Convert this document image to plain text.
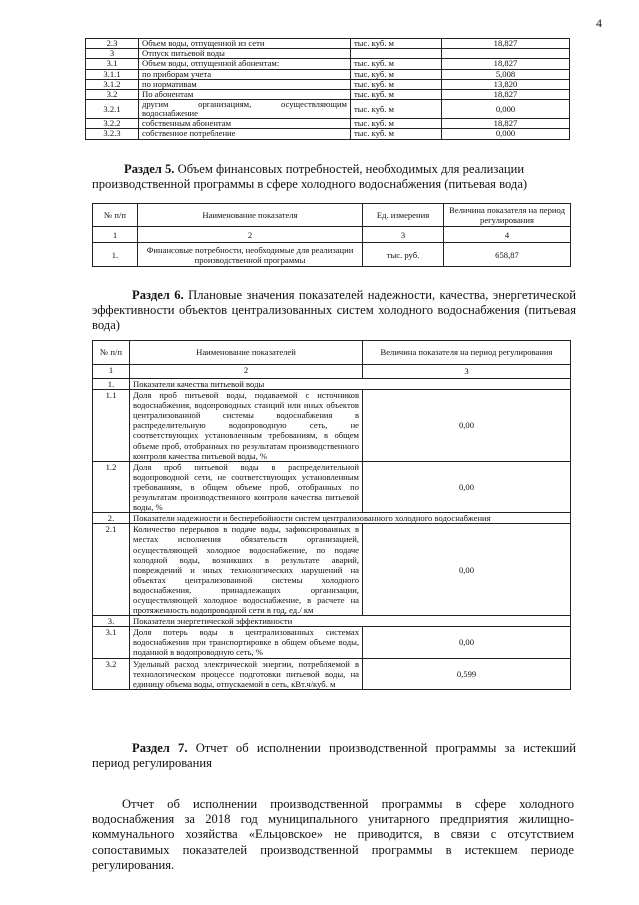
4
2.3	Объем воды, отпущенной из сети	тыс. куб. м	18,827
3	Отпуск питьевой воды		
3.1	Объем воды, отпущенной абонентам:	тыс. куб. м	18,827
3.1.1	по приборам учета	тыс. куб. м	5,008
3.1.2	по нормативам	тыс. куб. м	13,820
3.2	По абонентам	тыс. куб. м	18,827
3.2.1	другим организациям, осуществляющим водоснабжение	тыс. куб. м	0,000
3.2.2	собственным абонентам	тыс. куб. м	18,827
3.2.3	собственное потребление	тыс. куб. м	0,000
Раздел 5. Объем финансовых потребностей, необходимых для реализации производственной программы в сфере холодного водоснабжения (питьевая вода)
№ п/п	Наименование показателя	Ед. измерения	Величина показателя на период регулирования
1	2	3	4
1.	Финансовые потребности, необходимые для реализации производственной программы	тыс. руб.	658,87
Раздел 6. Плановые значения показателей надежности, качества, энергетической эффективности объектов централизованных систем холодного водоснабжения (питьевая вода)
№ п/п	Наименование показателей	Величина показателя на период регулирования
1	2	3
1.	Показатели качества питьевой воды	
1.1	Доля проб питьевой воды, подаваемой с источников водоснабжения, водопроводных станций или иных объектов централизованной системы водоснабжения в распределительную водопроводную сеть, не соответствующих установленным требованиям, в общем объеме проб, отобранных по результатам производственного контроля качества питьевой воды, %	0,00
1.2	Доля проб питьевой воды в распределительной водопроводной сети, не соответствующих установленным требованиям, в общем объеме проб, отобранных по результатам производственного контроля качества питьевой воды, %	0,00
2.	Показатели надежности и бесперебойности систем централизованного холодного водоснабжения	
2.1	Количество перерывов в подаче воды, зафиксированных в местах исполнения обязательств организацией, осуществляющей холодное водоснабжение, по подаче холодной воды, возникших в результате аварий, повреждений и иных технологических нарушений на объектах централизованной системы холодного водоснабжения, принадлежащих организации, осуществляющей холодное водоснабжение, в расчете на протяженность водопроводной сети в год, ед./ км	0,00
3.	Показатели энергетической эффективности	
3.1	Доля потерь воды в централизованных системах водоснабжения при транспортировке в общем объеме воды, поданной в водопроводную сеть, %	0,00
3.2	Удельный расход электрической энергии, потребляемой в технологическом процессе подготовки питьевой воды, на единицу объема воды, отпускаемой в сеть, кВт.ч/куб. м	0,599
Раздел 7. Отчет об исполнении производственной программы за истекший период регулирования
Отчет об исполнении производственной программы в сфере холодного водоснабжения за 2018 год муниципального унитарного предприятия жилищно-коммунального хозяйства «Ельцовское» не приводится, в связи с отсутствием сопоставимых показателей производственной программы в истекшем периоде регулирования.
